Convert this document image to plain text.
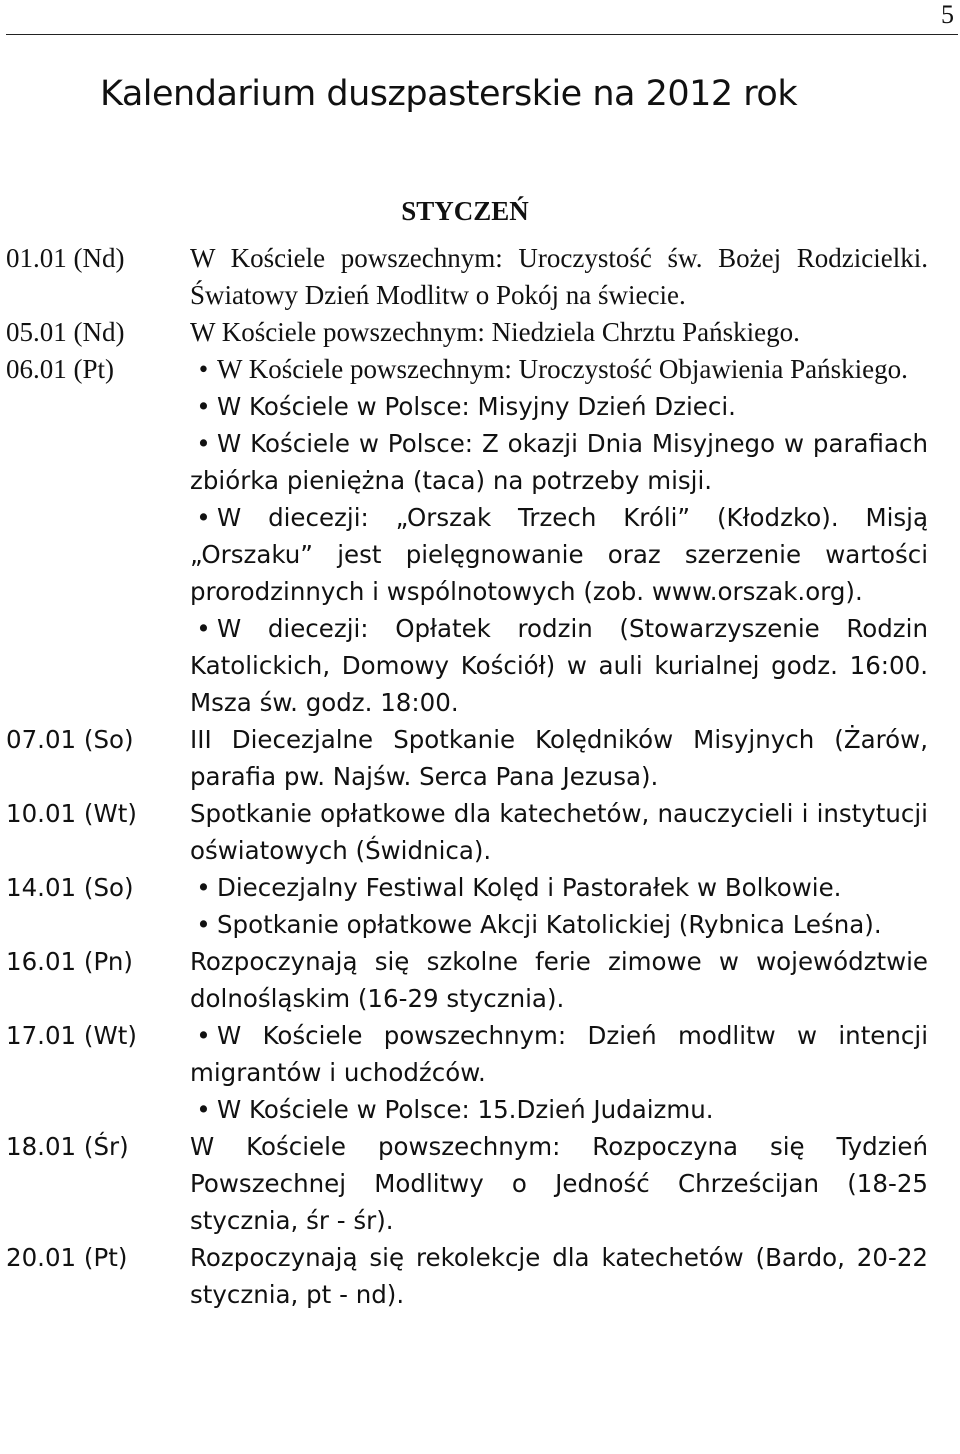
5
Kalendarium duszpasterskie na 2012 rok
STYCZEŃ
01.01 (Nd)	W Kościele powszechnym: Uroczystość św. Bożej Rodzicielki. Światowy Dzień Modlitw o Pokój na świecie.
05.01 (Nd)	W Kościele powszechnym: Niedziela Chrztu Pańskiego.
06.01 (Pt)	• W Kościele powszechnym: Uroczystość Objawienia Pańskiego.
• W Kościele w Polsce: Misyjny Dzień Dzieci.
• W Kościele w Polsce: Z okazji Dnia Misyjnego w parafiach zbiórka pieniężna (taca) na potrzeby misji.
• W diecezji: „Orszak Trzech Króli” (Kłodzko). Misją „Orszaku” jest pielęgnowanie oraz szerzenie wartości prorodzinnych i wspólnotowych (zob. www.orszak.org).
• W diecezji: Opłatek rodzin (Stowarzyszenie Rodzin Katolickich, Domowy Kościół) w auli kurialnej godz. 16:00. Msza św. godz. 18:00.
07.01 (So)	III Diecezjalne Spotkanie Kolędników Misyjnych (Żarów, parafia pw. Najśw. Serca Pana Jezusa).
10.01 (Wt)	Spotkanie opłatkowe dla katechetów, nauczycieli i instytucji oświatowych (Świdnica).
14.01 (So)	• Diecezjalny Festiwal Kolęd i Pastorałek w Bolkowie.
• Spotkanie opłatkowe Akcji Katolickiej (Rybnica Leśna).
16.01 (Pn)	Rozpoczynają się szkolne ferie zimowe w województwie dolnośląskim (16-29 stycznia).
17.01 (Wt)	• W Kościele powszechnym: Dzień modlitw w intencji migrantów i uchodźców.
• W Kościele w Polsce: 15.Dzień Judaizmu.
18.01 (Śr)	W Kościele powszechnym: Rozpoczyna się Tydzień Powszechnej Modlitwy o Jedność Chrześcijan (18-25 stycznia, śr - śr).
20.01 (Pt)	Rozpoczynają się rekolekcje dla katechetów (Bardo, 20-22 stycznia, pt - nd).
